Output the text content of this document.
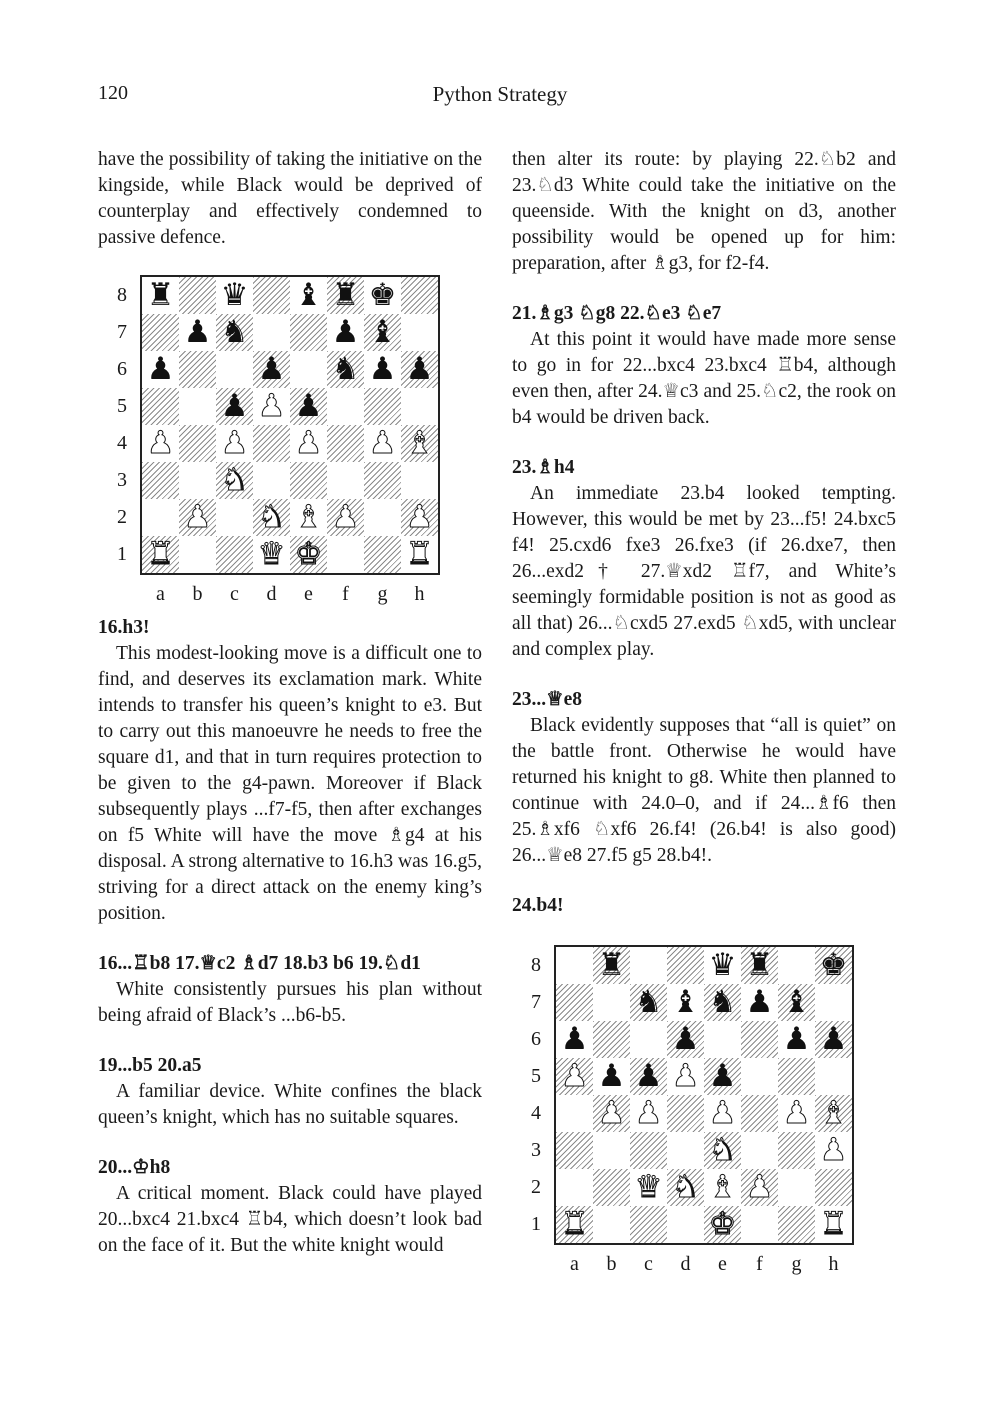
120	Python Strategy

have the possibility of taking the initiative on the kingside, while Black would be deprived of counterplay and effectively condemned to passive defence.

8
7
6
5
4
3
2
1
♜ ♛ ♝ ♜ ♚
♟ ♞	♟ ♝
♟	♟ ♞ ♟ ♟
♟ ♟ ♟
♟ ♟ ♟ ♟ ♝
♞
♟ ♞ ♝ ♟ ♟
♜	♛ ♚	♜
a	b	c	d	e	f	g	h

16.h3!

This modest-looking move is a difficult one to find, and deserves its exclamation mark. White intends to transfer his queen’s knight to e3. But to carry out this manoeuvre he needs to free the square d1, and that in turn requires protection to be given to the g4-pawn. Moreover if Black subsequently plays ...f7-f5, then after exchanges on f5 White will have the move ♗g4 at his disposal. A strong alternative to 16.h3 was 16.g5, striving for a direct attack on the enemy king’s position.

16...♖b8 17.♕c2 ♗d7 18.b3 b6 19.♘d1

White consistently pursues his plan without being afraid of Black’s ...b6-b5.

19...b5 20.a5

A familiar device. White confines the black queen’s knight, which has no suitable squares.

20...♔h8

A critical moment. Black could have played 20...bxc4 21.bxc4 ♖b4, which doesn’t look bad on the face of it. But the white knight would

then alter its route: by playing 22.♘b2 and 23.♘d3 White could take the initiative on the queenside. With the knight on d3, another possibility would be opened up for him: preparation, after ♗g3, for f2-f4.

21.♗g3 ♘g8 22.♘e3 ♘e7

At this point it would have made more sense to go in for 22...bxc4 23.bxc4 ♖b4, although even then, after 24.♕c3 and 25.♘c2, the rook on b4 would be driven back.

23.♗h4

An immediate 23.b4 looked tempting. However, this would be met by 23...f5! 24.bxc5 f4! 25.cxd6 fxe3 26.fxe3 (if 26.dxe7, then 26...exd2† 27.♕xd2 ♖f7, and White’s seemingly formidable position is not as good as all that) 26...♘cxd5 27.exd5 ♘xd5, with unclear and complex play.

23...♕e8

Black evidently supposes that “all is quiet” on the battle front. Otherwise he would have returned his knight to g8. White then planned to continue with 24.0–0, and if 24...♗f6 then 25.♗xf6 ♘xf6 26.f4! (26.b4! is also good) 26...♕e8 27.f5 g5 28.b4!.

24.b4!

8
7
6
5
4
3
2
1
♜	♛ ♜ ♚
♞ ♝ ♞ ♟ ♝
♟	♟	♟ ♟
♟ ♟ ♟ ♟ ♟
♟ ♟ ♟ ♟ ♝
♞	♟
♛ ♞ ♝ ♟
♜	♚	♜
a	b	c	d	e	f	g	h
